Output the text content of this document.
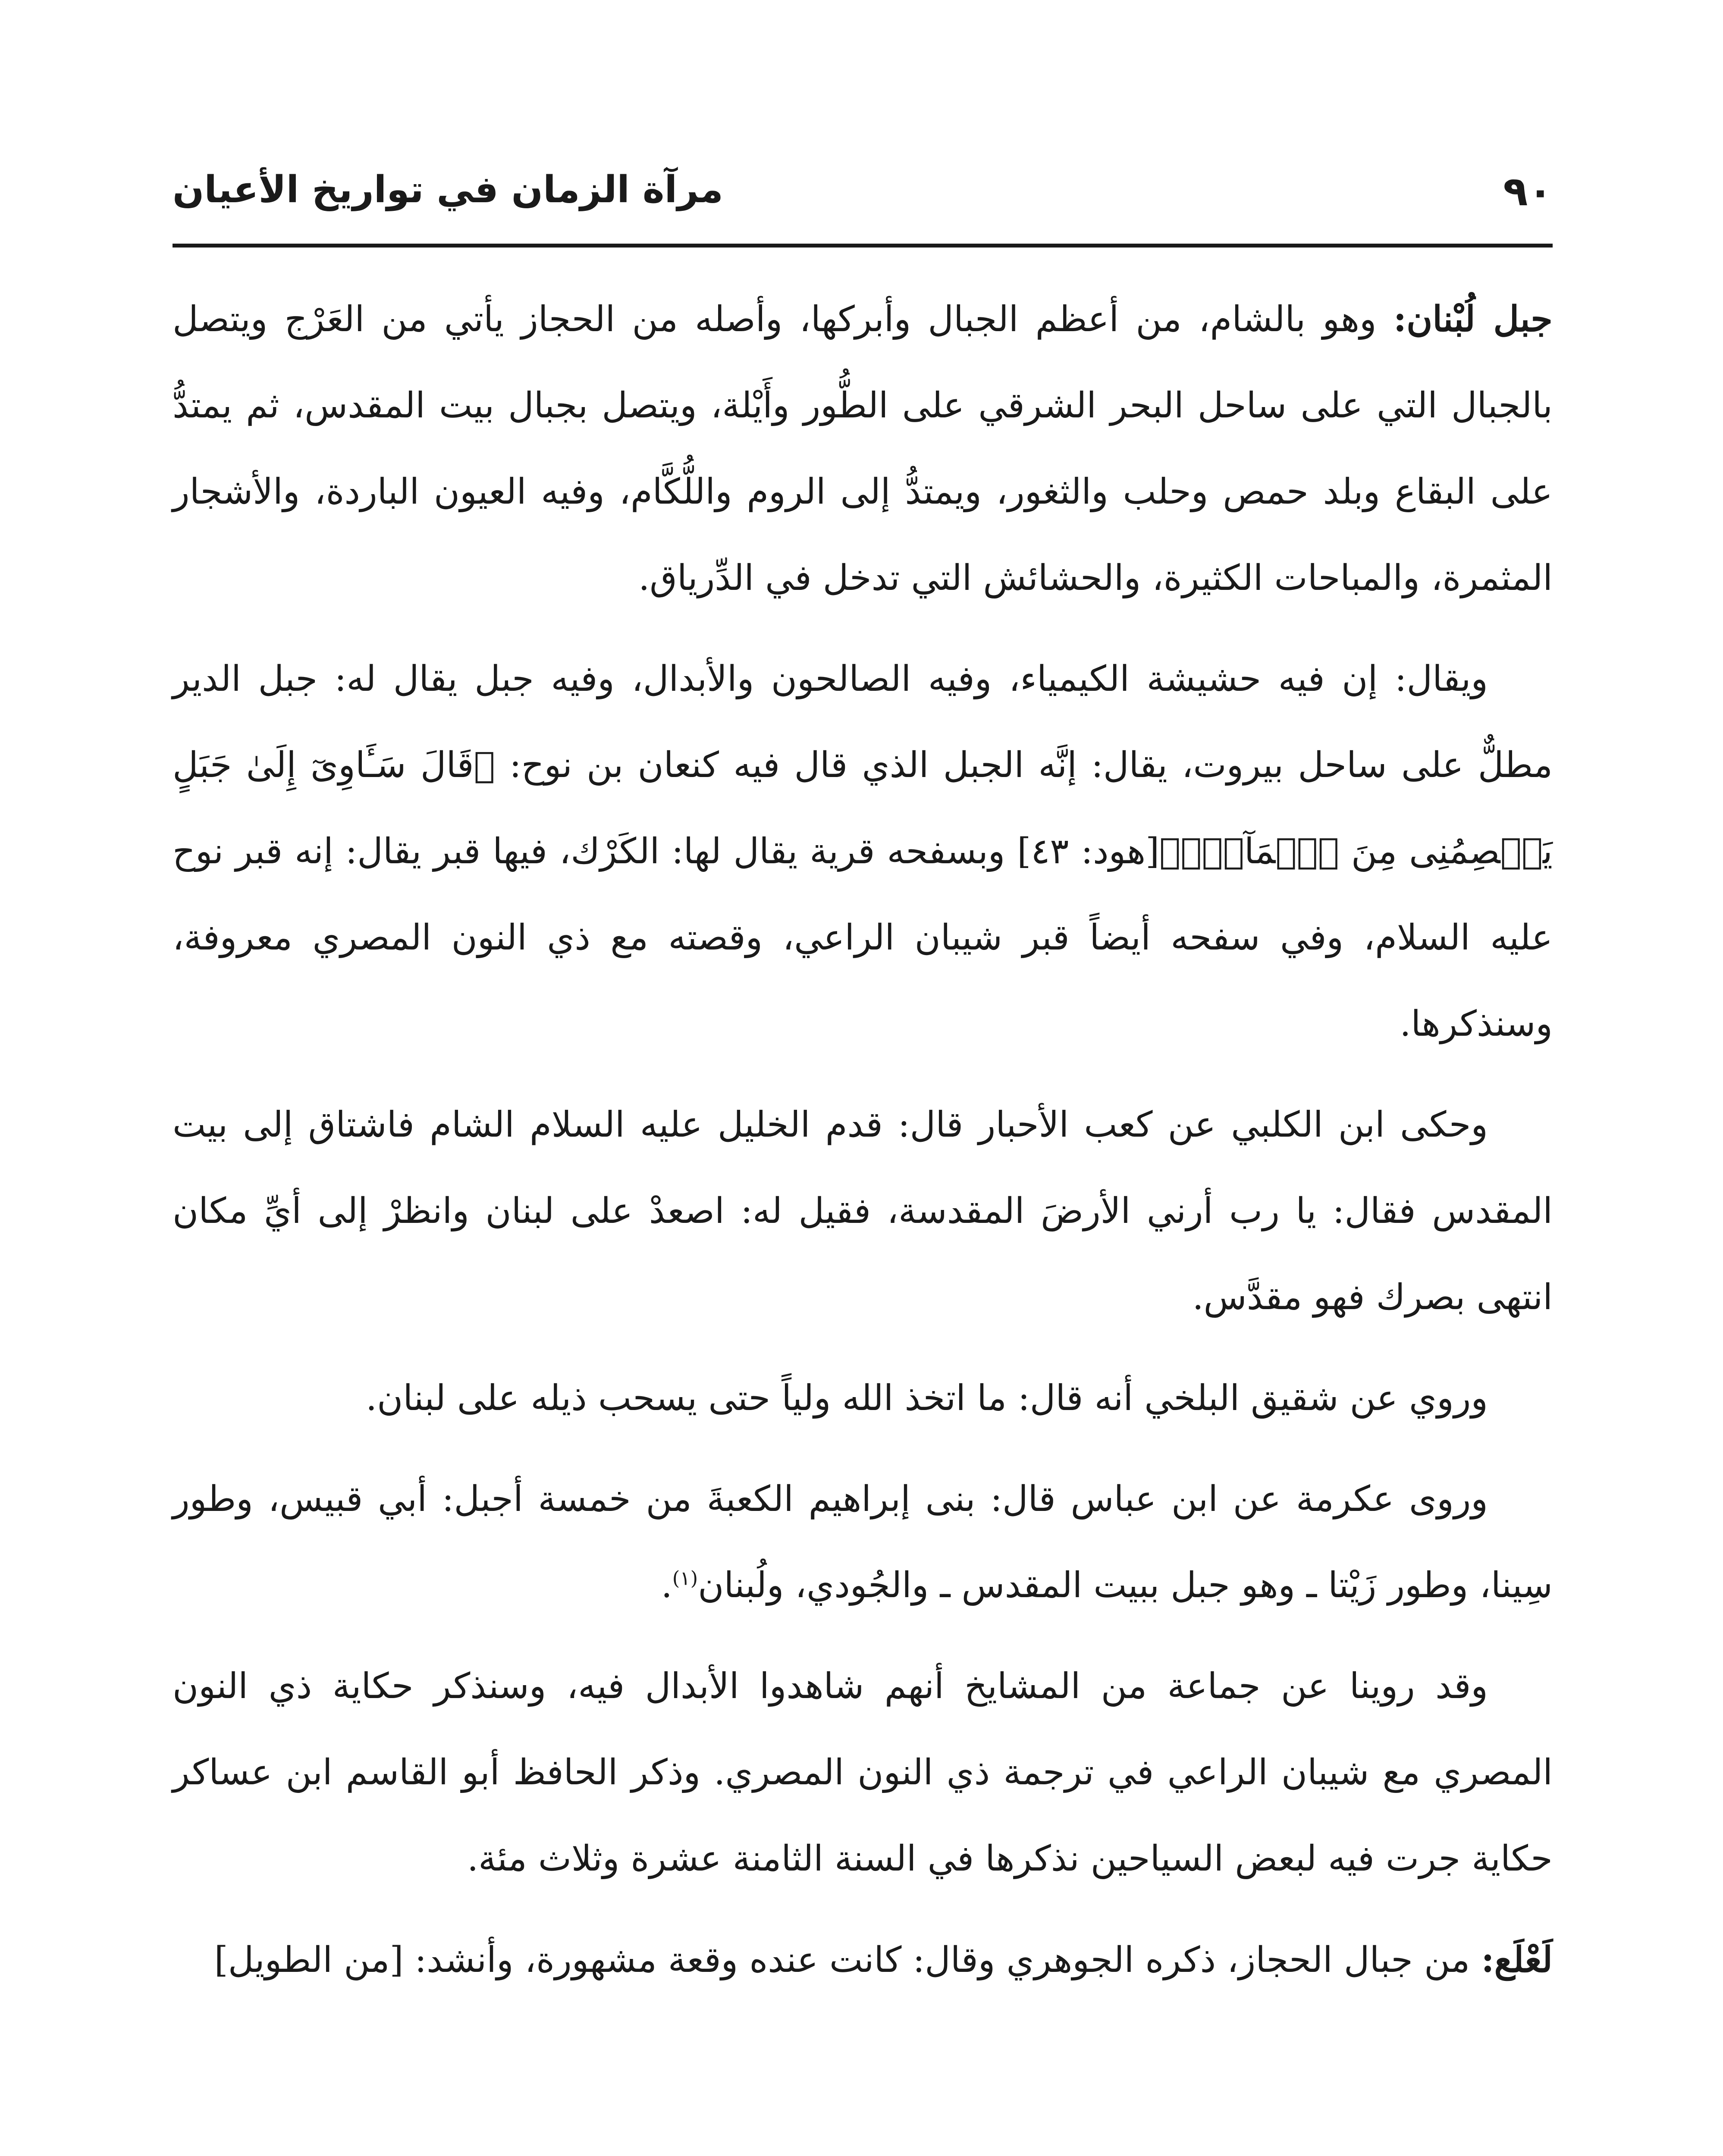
٩٠
مرآة الزمان في تواريخ الأعيان

جبل لُبْنان: وهو بالشام، من أعظم الجبال وأبركها، وأصله من الحجاز يأتي من العَرْج ويتصل بالجبال التي على ساحل البحر الشرقي على الطُّور وأَيْلة، ويتصل بجبال بيت المقدس، ثم يمتدُّ على البقاع وبلد حمص وحلب والثغور، ويمتدُّ إلى الروم واللُّكَّام، وفيه العيون الباردة، والأشجار المثمرة، والمباحات الكثيرة، والحشائش التي تدخل في الدِّرياق.

ويقال: إن فيه حشيشة الكيمياء، وفيه الصالحون والأبدال، وفيه جبل يقال له: جبل الدير مطلٌّ على ساحل بيروت، يقال: إنَّه الجبل الذي قال فيه كنعان بن نوح: ﴿قَالَ سَـَٔاوِىٓ إِلَىٰ جَبَلٍ يَعۡصِمُنِى مِنَ ٱلۡمَآءِۚ﴾[هود: ٤٣] وبسفحه قرية يقال لها: الكَرْك، فيها قبر يقال: إنه قبر نوح عليه السلام، وفي سفحه أيضاً قبر شيبان الراعي، وقصته مع ذي النون المصري معروفة، وسنذكرها.

وحكى ابن الكلبي عن كعب الأحبار قال: قدم الخليل عليه السلام الشام فاشتاق إلى بيت المقدس فقال: يا رب أرني الأرضَ المقدسة، فقيل له: اصعدْ على لبنان وانظرْ إلى أيِّ مكان انتهى بصرك فهو مقدَّس.

وروي عن شقيق البلخي أنه قال: ما اتخذ الله ولياً حتى يسحب ذيله على لبنان.

وروى عكرمة عن ابن عباس قال: بنى إبراهيم الكعبةَ من خمسة أجبل: أبي قبيس، وطور سِينا، وطور زَيْتا ـ وهو جبل ببيت المقدس ـ والجُودي، ولُبنان$^{(١)}$.

وقد روينا عن جماعة من المشايخ أنهم شاهدوا الأبدال فيه، وسنذكر حكاية ذي النون المصري مع شيبان الراعي في ترجمة ذي النون المصري. وذكر الحافظ أبو القاسم ابن عساكر حكاية جرت فيه لبعض السياحين نذكرها في السنة الثامنة عشرة وثلاث مئة.

لَعْلَع: من جبال الحجاز، ذكره الجوهري وقال: كانت عنده وقعة مشهورة، وأنشد: [من الطويل]
